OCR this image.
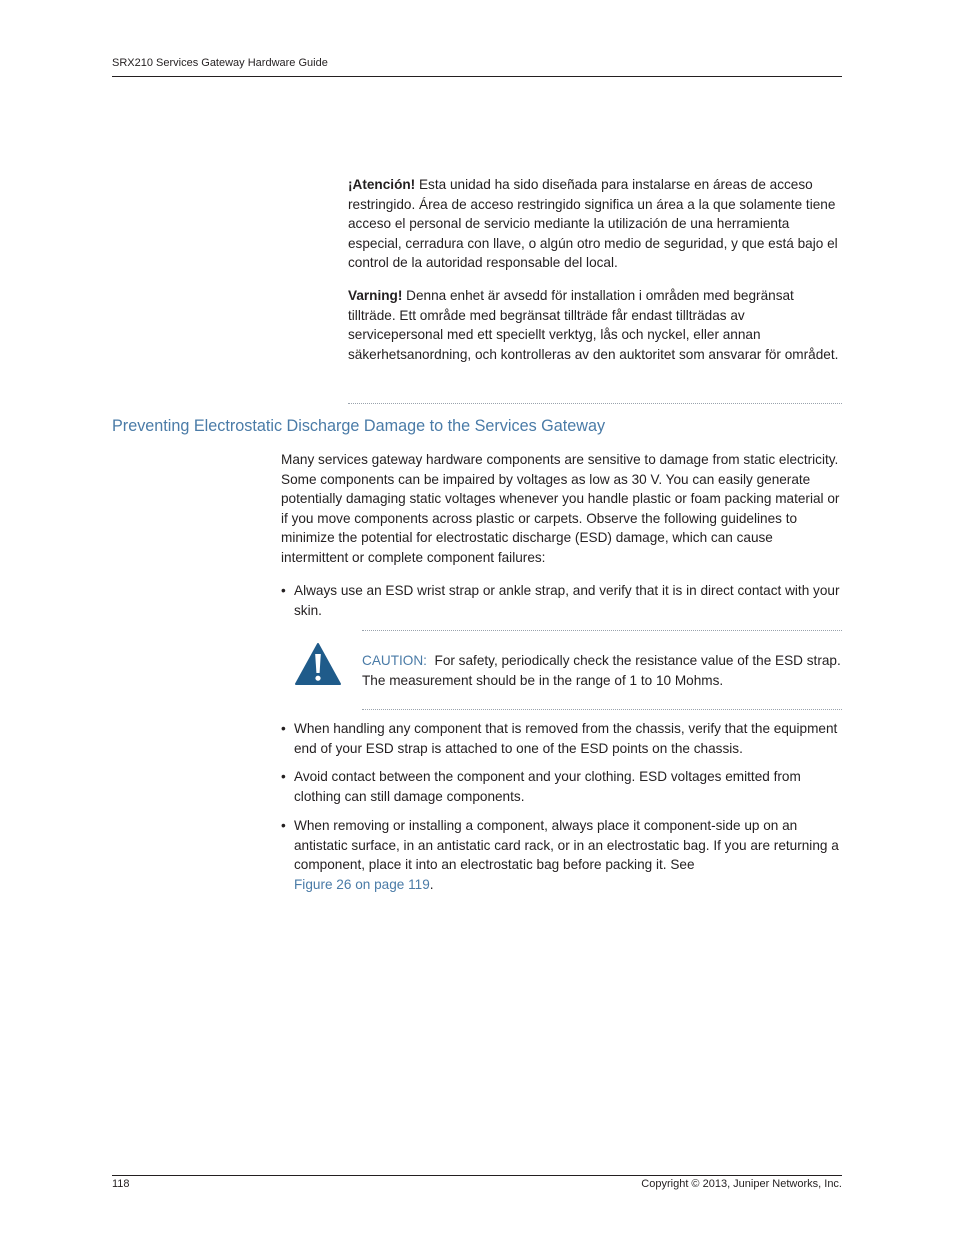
SRX210 Services Gateway Hardware Guide
¡Atención! Esta unidad ha sido diseñada para instalarse en áreas de acceso restringido. Área de acceso restringido significa un área a la que solamente tiene acceso el personal de servicio mediante la utilización de una herramienta especial, cerradura con llave, o algún otro medio de seguridad, y que está bajo el control de la autoridad responsable del local.
Varning! Denna enhet är avsedd för installation i områden med begränsat tillträde. Ett område med begränsat tillträde får endast tillträdas av servicepersonal med ett speciellt verktyg, lås och nyckel, eller annan säkerhetsanordning, och kontrolleras av den auktoritet som ansvarar för området.
Preventing Electrostatic Discharge Damage to the Services Gateway
Many services gateway hardware components are sensitive to damage from static electricity. Some components can be impaired by voltages as low as 30 V. You can easily generate potentially damaging static voltages whenever you handle plastic or foam packing material or if you move components across plastic or carpets. Observe the following guidelines to minimize the potential for electrostatic discharge (ESD) damage, which can cause intermittent or complete component failures:
• Always use an ESD wrist strap or ankle strap, and verify that it is in direct contact with your skin.
CAUTION: For safety, periodically check the resistance value of the ESD strap. The measurement should be in the range of 1 to 10 Mohms.
• When handling any component that is removed from the chassis, verify that the equipment end of your ESD strap is attached to one of the ESD points on the chassis.
• Avoid contact between the component and your clothing. ESD voltages emitted from clothing can still damage components.
• When removing or installing a component, always place it component-side up on an antistatic surface, in an antistatic card rack, or in an electrostatic bag. If you are returning a component, place it into an electrostatic bag before packing it. See
Figure 26 on page 119.
118	Copyright © 2013, Juniper Networks, Inc.
